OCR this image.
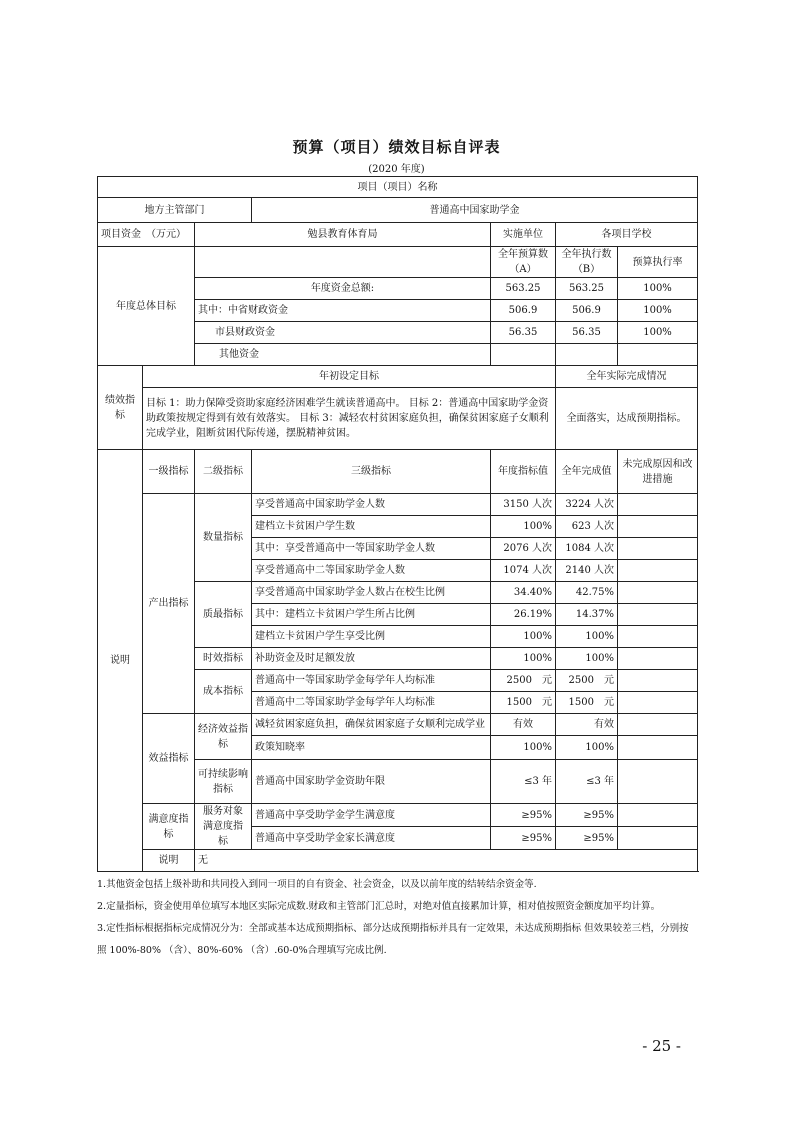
预算（项目）绩效目标自评表
(2020 年度)
项目（项目）名称						
地方主管部门			普通高中国家助学金			
项目资金　（万元）		勉县教育体育局		实施单位	各项目学校	
年度总体目标				全年预算数（A）	全年执行数（B）	预算执行率
		年度资金总额:		563.25	563.25	100%
		其中：中省财政资金		506.9	506.9	100%
		市县财政资金		56.35	56.35	100%
		其他资金				
绩效指标	年初设定目标				全年实际完成情况	
	目标 1：助力保障受资助家庭经济困难学生就读普通高中。 目标 2：普通高中国家助学金资助政策按规定得到有效有效落实。 目标 3：减轻农村贫困家庭负担，确保贫困家庭子女顺利完成学业，阻断贫困代际传递，摆脱精神贫困。				全面落实，达成预期指标。	
说明	一级指标	二级指标	三级指标	年度指标值	全年完成值	未完成原因和改进措施
	产出指标	数量指标	享受普通高中国家助学金人数	3150 人次	3224 人次	
			建档立卡贫困户学生数	100%	623 人次	
			其中：享受普通高中一等国家助学金人数	2076 人次	1084 人次	
			享受普通高中二等国家助学金人数	1074 人次	2140 人次	
		质最指标	享受普通高中国家助学金人数占在校生比例	34.40%	42.75%	
			其中：建档立卡贫困户学生所占比例	26.19%	14.37%	
			建档立卡贫困户学生享受比例	100%	100%	
		时效指标	补助资金及时足额发放	100%	100%	
		成本指标	普通高中一等国家助学金每学年人均标准	2500　元	2500　元	
			普通高中二等国家助学金每学年人均标准	1500　元	1500　元	
	效益指标	经济效益指标	减轻贫困家庭负担，确保贫困家庭子女顺利完成学业	有效	有效	
			政策知晓率	100%	100%	
		可持续影响指标	普通高中国家助学金资助年限	≤3 年	≤3 年	
	满意度指标	服务对象 满意度指 标	普通高中享受助学金学生满意度	≥95%	≥95%	
			普通高中享受助学金家长满意度	≥95%	≥95%	
	说明	无				

1.其他资金包括上级补助和共同投入到同一项目的自有资金、社会资金，以及以前年度的结转结余资金等.

2.定量指标，资金使用单位填写本地区实际完成数.财政和主管部门汇总时，对绝对值直接累加计算，相对值按照资金额度加平均计算。

3.定性指标根据指标完成情况分为：全部或基本达成预期指标、部分达成预期指标并具有一定效果，未达成预期指标 但效果较差三档，分别按照 100%-80% （含）、80%-60% （含）.60-0%合理填写完成比例.

- 25 -
